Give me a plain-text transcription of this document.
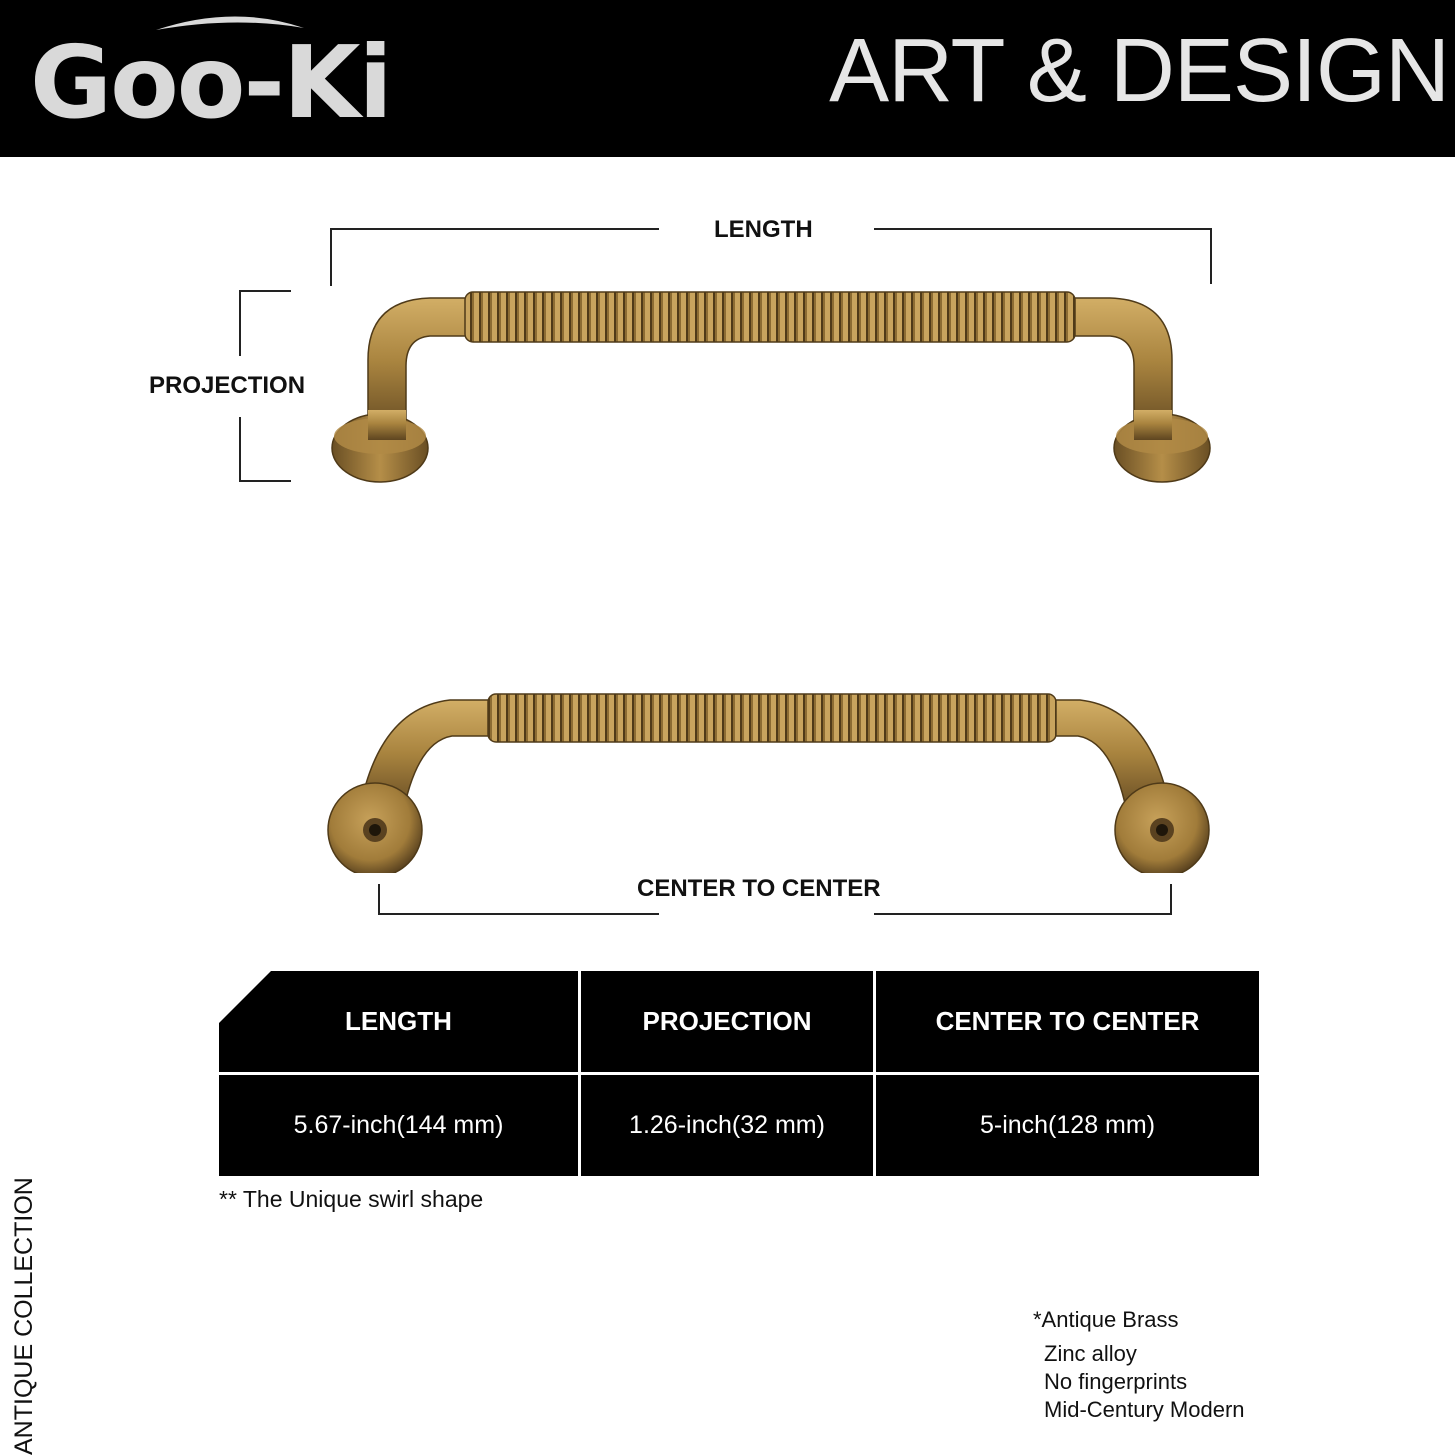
Goo-Ki	ART & DESIGN
LENGTH
PROJECTION
CENTER TO CENTER
LENGTH	PROJECTION	CENTER TO CENTER
5.67-inch(144 mm)	1.26-inch(32 mm)	5-inch(128 mm)
** The Unique swirl shape
*Antique Brass
Zinc alloy
No fingerprints
Mid-Century Modern
ANTIQUE COLLECTION
